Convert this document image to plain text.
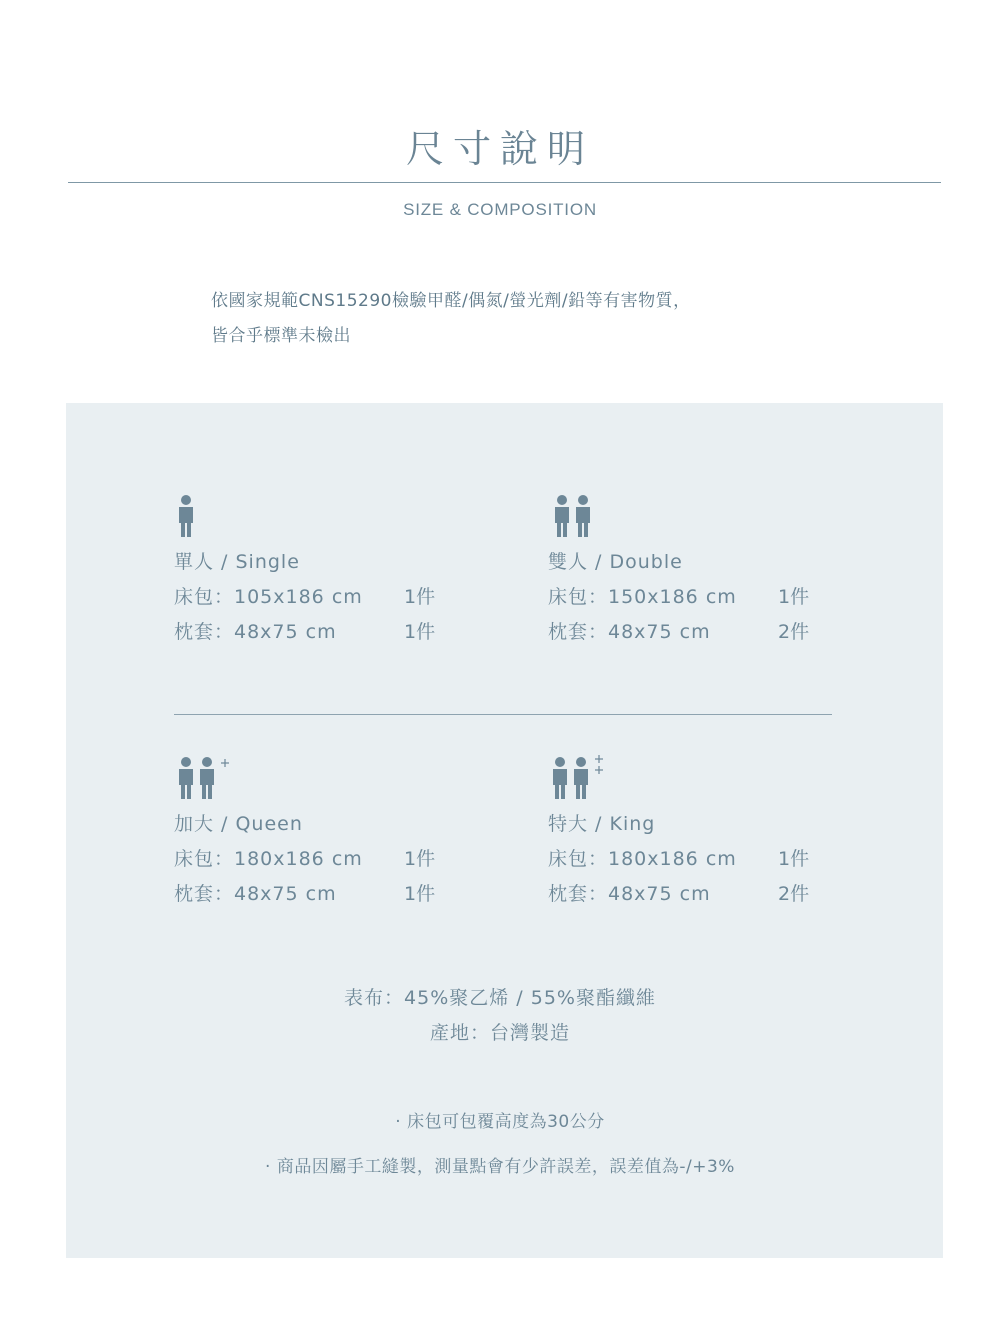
尺寸說明
SIZE & COMPOSITION
依國家規範CNS15290檢驗甲醛/偶氮/螢光劑/鉛等有害物質，
皆合乎標準未檢出
單人 / Single
床包：105x186 cm 1件
枕套：48x75 cm	1件
雙人 / Double
床包：150x186 cm 1件
枕套：48x75 cm	2件
加大 / Queen
床包：180x186 cm 1件
枕套：48x75 cm	1件
特大 / King
床包：180x186 cm 1件
枕套：48x75 cm	2件
表布：45%聚乙烯 / 55%聚酯纖維
產地：台灣製造
· 床包可包覆高度為30公分
· 商品因屬手工縫製，測量點會有少許誤差，誤差值為-/+3%
